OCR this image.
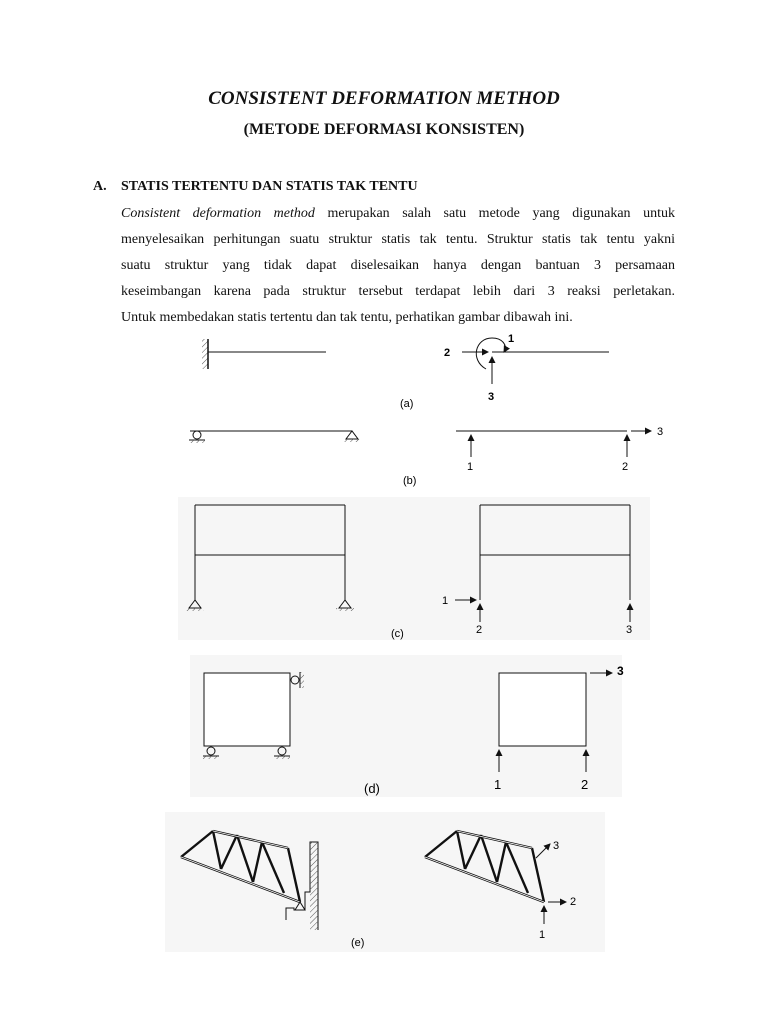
CONSISTENT DEFORMATION METHOD
(METODE DEFORMASI KONSISTEN)
A. STATIS TERTENTU DAN STATIS TAK TENTU
Consistent deformation method merupakan salah satu metode yang digunakan untuk
menyelesaikan perhitungan suatu struktur statis tak tentu. Struktur statis tak tentu yakni
suatu struktur yang tidak dapat diselesaikan hanya dengan bantuan 3 persamaan
keseimbangan karena pada struktur tersebut terdapat lebih dari 3 reaksi perletakan.
Untuk membedakan statis tertentu dan tak tentu, perhatikan gambar dibawah ini.
1
2
3
(a)
1	2
3
(b)
1
2	3
(c)
1	2
3
(d)
1
2
3
(e)
